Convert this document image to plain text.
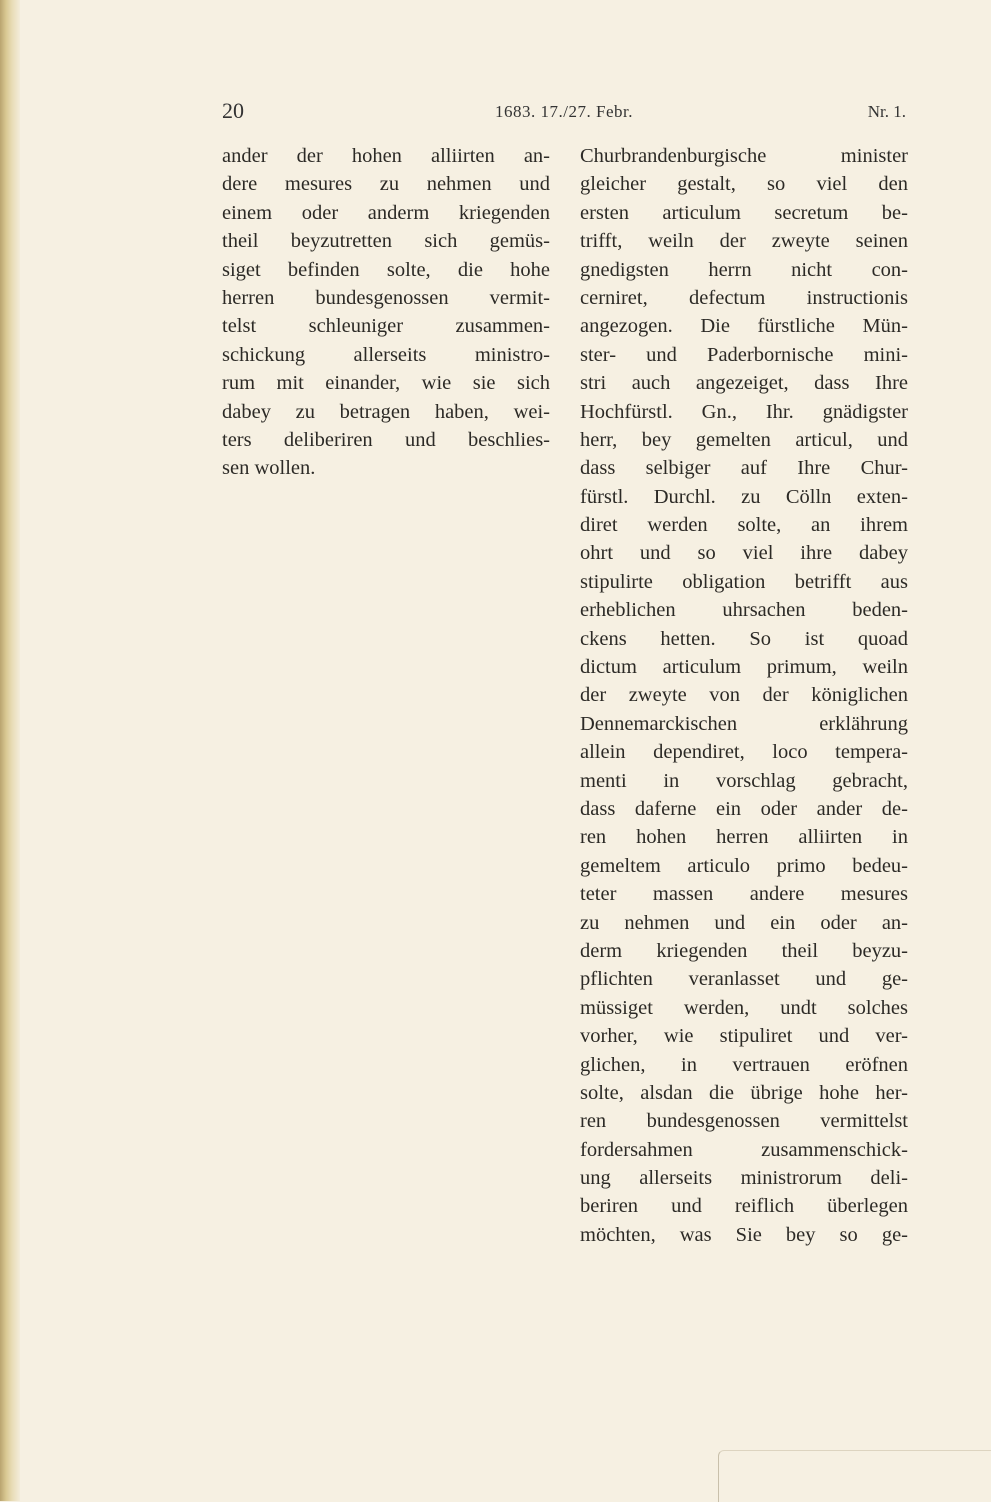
20	1683. 17./27. Febr.	Nr. 1.
ander der hohen alliirten an-
dere mesures zu nehmen und
einem oder anderm kriegenden
theil beyzutretten sich gemüs-
siget befinden solte, die hohe
herren bundesgenossen vermit-
telst schleuniger zusammen-
schickung allerseits ministro-
rum mit einander, wie sie sich
dabey zu betragen haben, wei-
ters deliberiren und beschlies-
sen wollen.
Churbrandenburgische minister
gleicher gestalt, so viel den
ersten articulum secretum be-
trifft, weiln der zweyte seinen
gnedigsten herrn nicht con-
cerniret, defectum instructionis
angezogen. Die fürstliche Mün-
ster- und Paderbornische mini-
stri auch angezeiget, dass Ihre
Hochfürstl. Gn., Ihr. gnädigster
herr, bey gemelten articul, und
dass selbiger auf Ihre Chur-
fürstl. Durchl. zu Cölln exten-
diret werden solte, an ihrem
ohrt und so viel ihre dabey
stipulirte obligation betrifft aus
erheblichen uhrsachen beden-
ckens hetten. So ist quoad
dictum articulum primum, weiln
der zweyte von der königlichen
Dennemarckischen erklährung
allein dependiret, loco tempera-
menti in vorschlag gebracht,
dass daferne ein oder ander de-
ren hohen herren alliirten in
gemeltem articulo primo bedeu-
teter massen andere mesures
zu nehmen und ein oder an-
derm kriegenden theil beyzu-
pflichten veranlasset und ge-
müssiget werden, undt solches
vorher, wie stipuliret und ver-
glichen, in vertrauen eröfnen
solte, alsdan die übrige hohe her-
ren bundesgenossen vermittelst
fordersahmen zusammenschick-
ung allerseits ministrorum deli-
beriren und reiflich überlegen
möchten, was Sie bey so ge-
